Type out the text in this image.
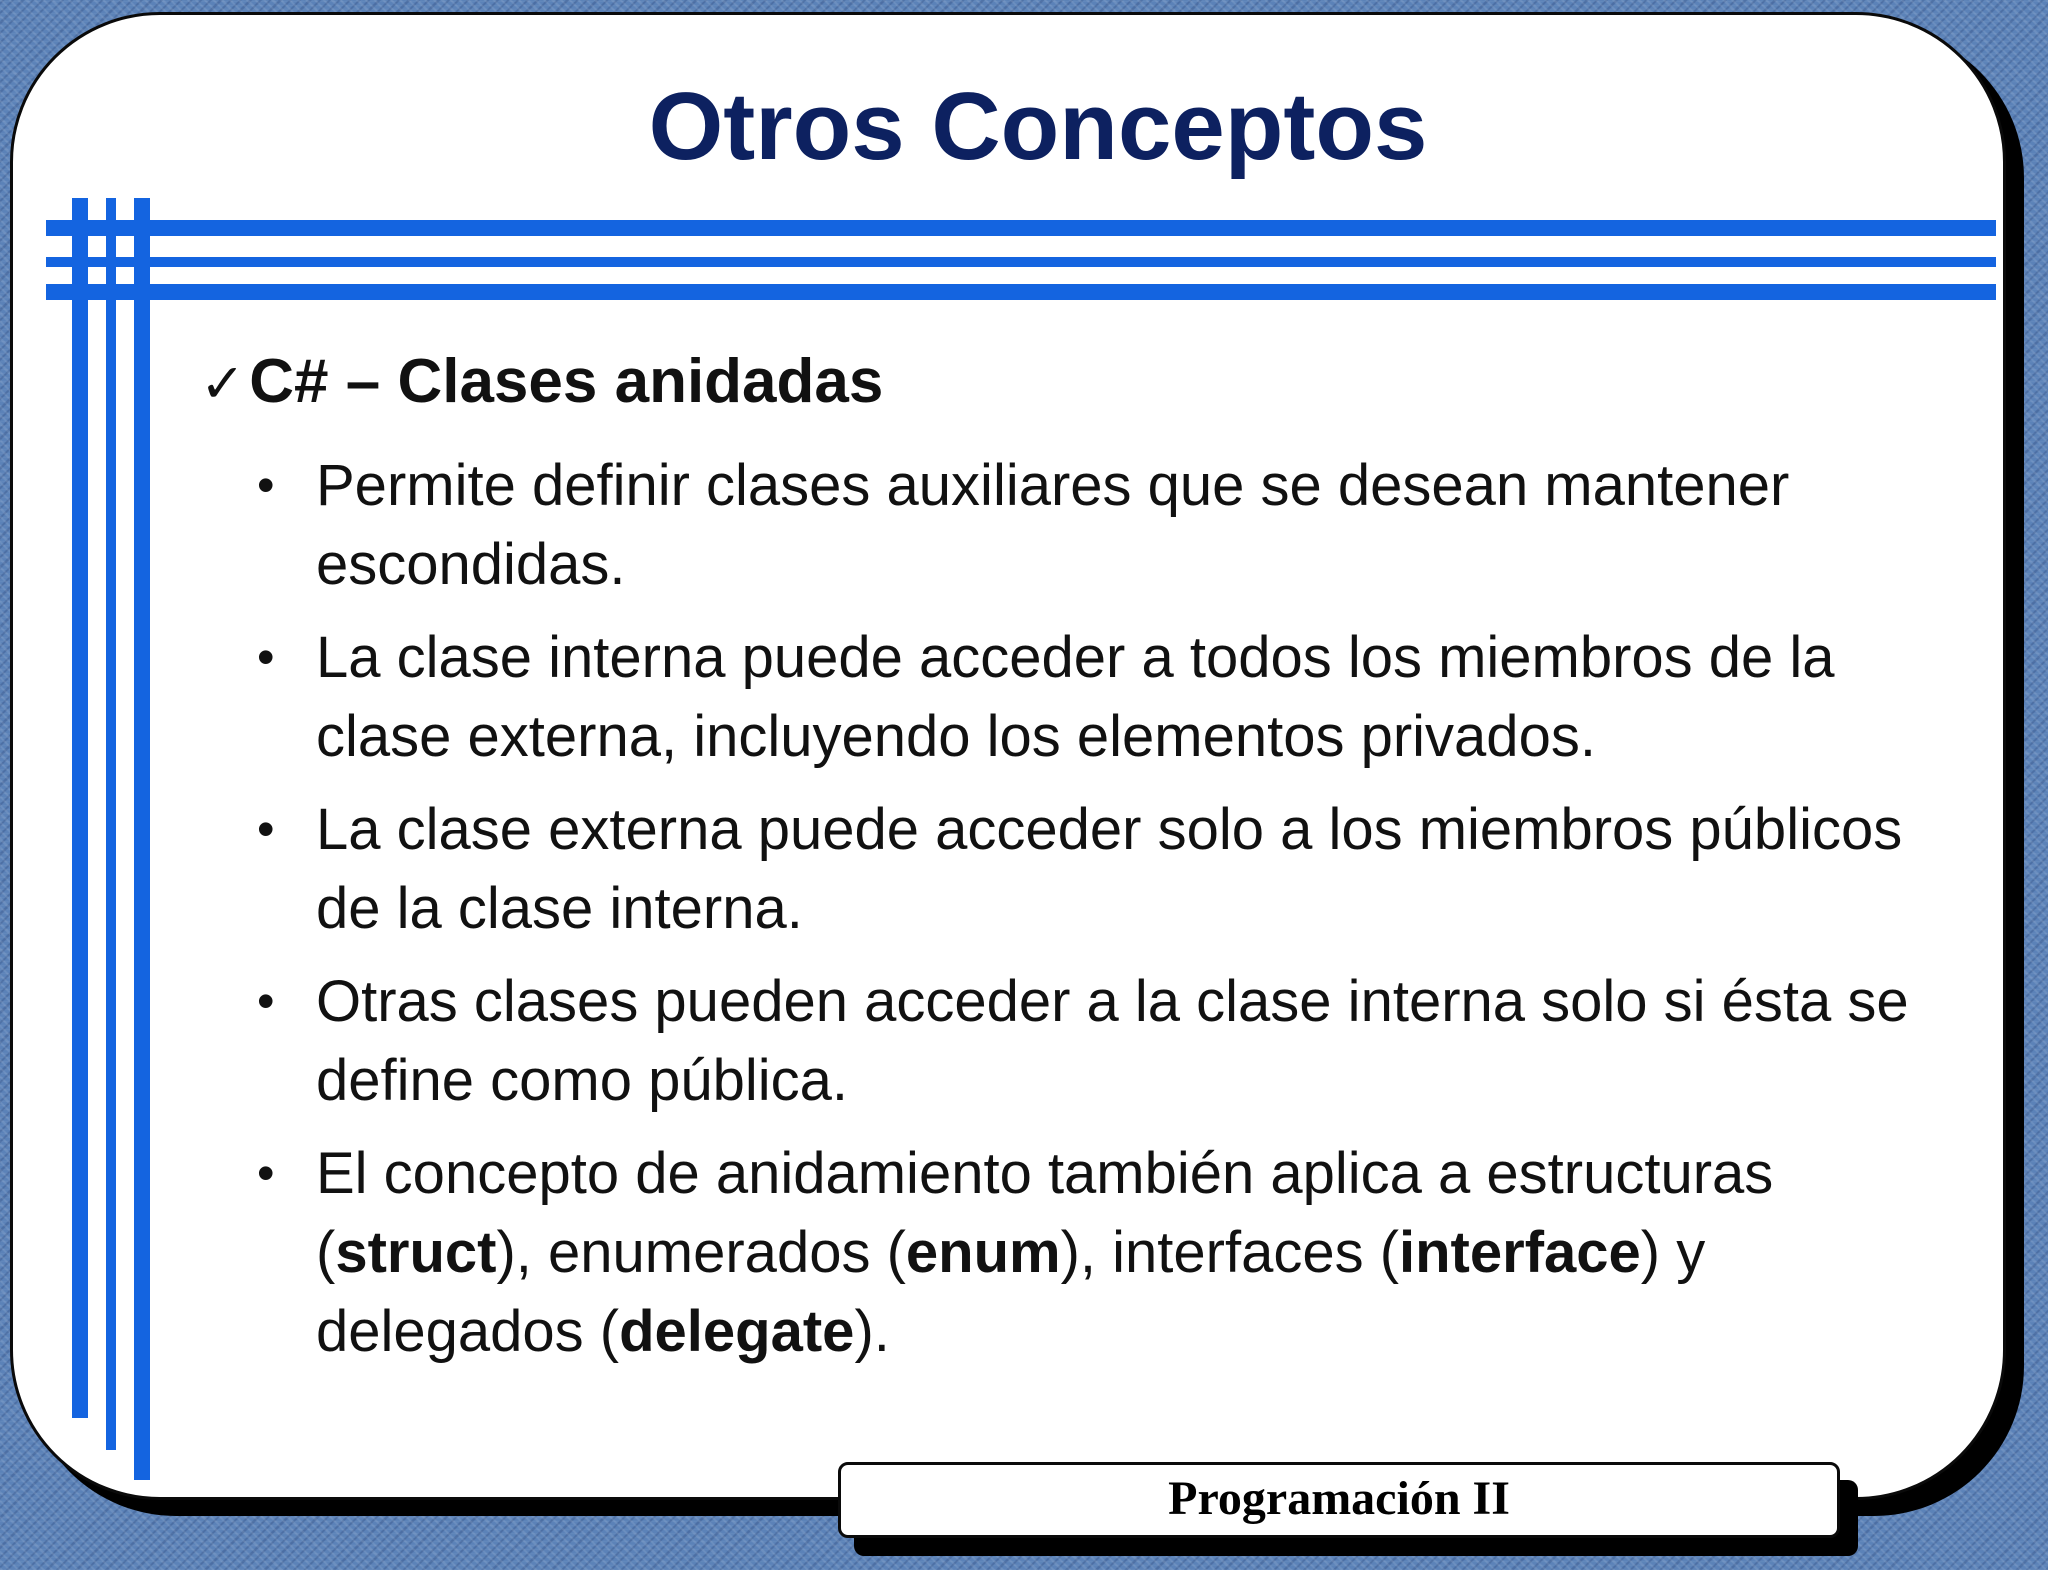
Otros Conceptos
✓C# – Clases anidadas
• Permite definir clases auxiliares que se desean mantener escondidas.
• La clase interna puede acceder a todos los miembros de la clase externa, incluyendo los elementos privados.
• La clase externa puede acceder solo a los miembros públicos de la clase interna.
• Otras clases pueden acceder a la clase interna solo si ésta se define como pública.
• El concepto de anidamiento también aplica a estructuras (struct), enumerados (enum), interfaces (interface) y delegados (delegate).
Programación II
